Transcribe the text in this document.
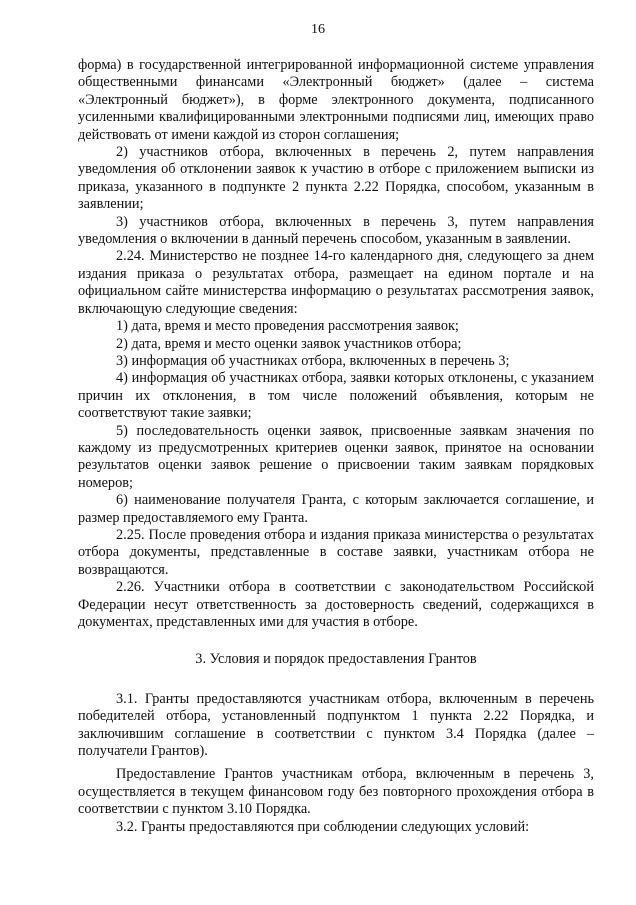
16

форма) в государственной интегрированной информационной системе управления общественными финансами «Электронный бюджет» (далее – система «Электронный бюджет»), в форме электронного документа, подписанного усиленными квалифицированными электронными подписями лиц, имеющих право действовать от имени каждой из сторон соглашения;

2) участников отбора, включенных в перечень 2, путем направления уведомления об отклонении заявок к участию в отборе с приложением выписки из приказа, указанного в подпункте 2 пункта 2.22 Порядка, способом, указанным в заявлении;

3) участников отбора, включенных в перечень 3, путем направления уведомления о включении в данный перечень способом, указанным в заявлении.

2.24. Министерство не позднее 14-го календарного дня, следующего за днем издания приказа о результатах отбора, размещает на едином портале и на официальном сайте министерства информацию о результатах рассмотрения заявок, включающую следующие сведения:

1) дата, время и место проведения рассмотрения заявок;

2) дата, время и место оценки заявок участников отбора;

3) информация об участниках отбора, включенных в перечень 3;

4) информация об участниках отбора, заявки которых отклонены, с указанием причин их отклонения, в том числе положений объявления, которым не соответствуют такие заявки;

5) последовательность оценки заявок, присвоенные заявкам значения по каждому из предусмотренных критериев оценки заявок, принятое на основании результатов оценки заявок решение о присвоении таким заявкам порядковых номеров;

6) наименование получателя Гранта, с которым заключается соглашение, и размер предоставляемого ему Гранта.

2.25. После проведения отбора и издания приказа министерства о результатах отбора документы, представленные в составе заявки, участникам отбора не возвращаются.

2.26. Участники отбора в соответствии с законодательством Российской Федерации несут ответственность за достоверность сведений, содержащихся в документах, представленных ими для участия в отборе.

3. Условия и порядок предоставления Грантов

3.1. Гранты предоставляются участникам отбора, включенным в перечень победителей отбора, установленный подпунктом 1 пункта 2.22 Порядка, и заключившим соглашение в соответствии с пунктом 3.4 Порядка (далее – получатели Грантов).

Предоставление Грантов участникам отбора, включенным в перечень 3, осуществляется в текущем финансовом году без повторного прохождения отбора в соответствии с пунктом 3.10 Порядка.

3.2. Гранты предоставляются при соблюдении следующих условий:
